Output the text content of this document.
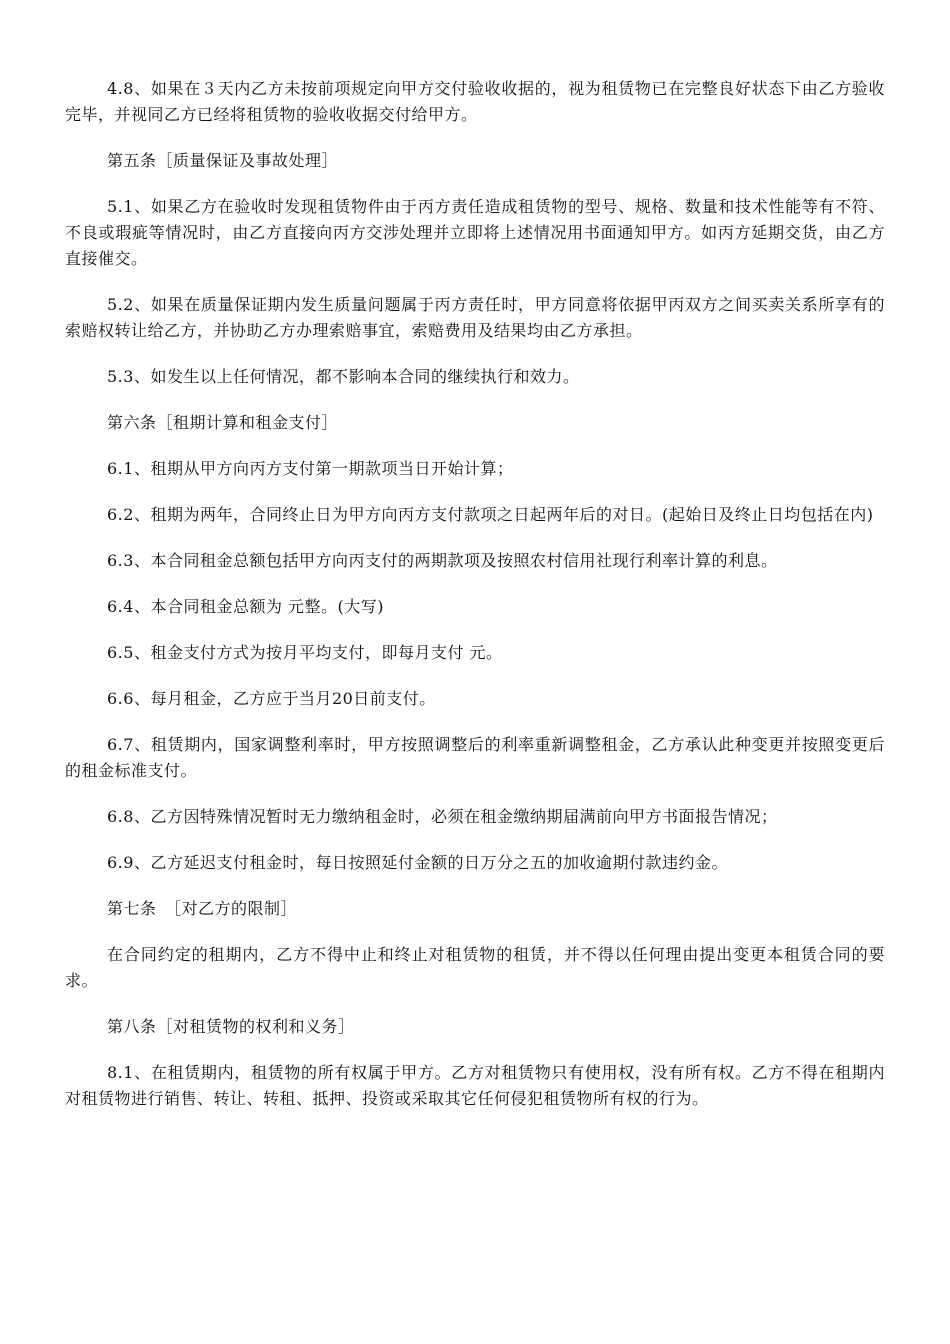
4.8、如果在３天内乙方未按前项规定向甲方交付验收收据的，视为租赁物已在完整良好状态下由乙方验收完毕，并视同乙方已经将租赁物的验收收据交付给甲方。

第五条［质量保证及事故处理］

5.1、如果乙方在验收时发现租赁物件由于丙方责任造成租赁物的型号、规格、数量和技术性能等有不符、不良或瑕疵等情况时，由乙方直接向丙方交涉处理并立即将上述情况用书面通知甲方。如丙方延期交货，由乙方直接催交。

5.2、如果在质量保证期内发生质量问题属于丙方责任时，甲方同意将依据甲丙双方之间买卖关系所享有的索赔权转让给乙方，并协助乙方办理索赔事宜，索赔费用及结果均由乙方承担。

5.3、如发生以上任何情况，都不影响本合同的继续执行和效力。

第六条［租期计算和租金支付］

6.1、租期从甲方向丙方支付第一期款项当日开始计算；

6.2、租期为两年，合同终止日为甲方向丙方支付款项之日起两年后的对日。(起始日及终止日均包括在内)

6.3、本合同租金总额包括甲方向丙支付的两期款项及按照农村信用社现行利率计算的利息。

6.4、本合同租金总额为 元整。(大写)

6.5、租金支付方式为按月平均支付，即每月支付 元。

6.6、每月租金，乙方应于当月20日前支付。

6.7、租赁期内，国家调整利率时，甲方按照调整后的利率重新调整租金，乙方承认此种变更并按照变更后的租金标准支付。

6.8、乙方因特殊情况暂时无力缴纳租金时，必须在租金缴纳期届满前向甲方书面报告情况；

6.9、乙方延迟支付租金时，每日按照延付金额的日万分之五的加收逾期付款违约金。

第七条　［对乙方的限制］

在合同约定的租期内，乙方不得中止和终止对租赁物的租赁，并不得以任何理由提出变更本租赁合同的要求。

第八条［对租赁物的权利和义务］

8.1、在租赁期内，租赁物的所有权属于甲方。乙方对租赁物只有使用权，没有所有权。乙方不得在租期内对租赁物进行销售、转让、转租、抵押、投资或采取其它任何侵犯租赁物所有权的行为。
